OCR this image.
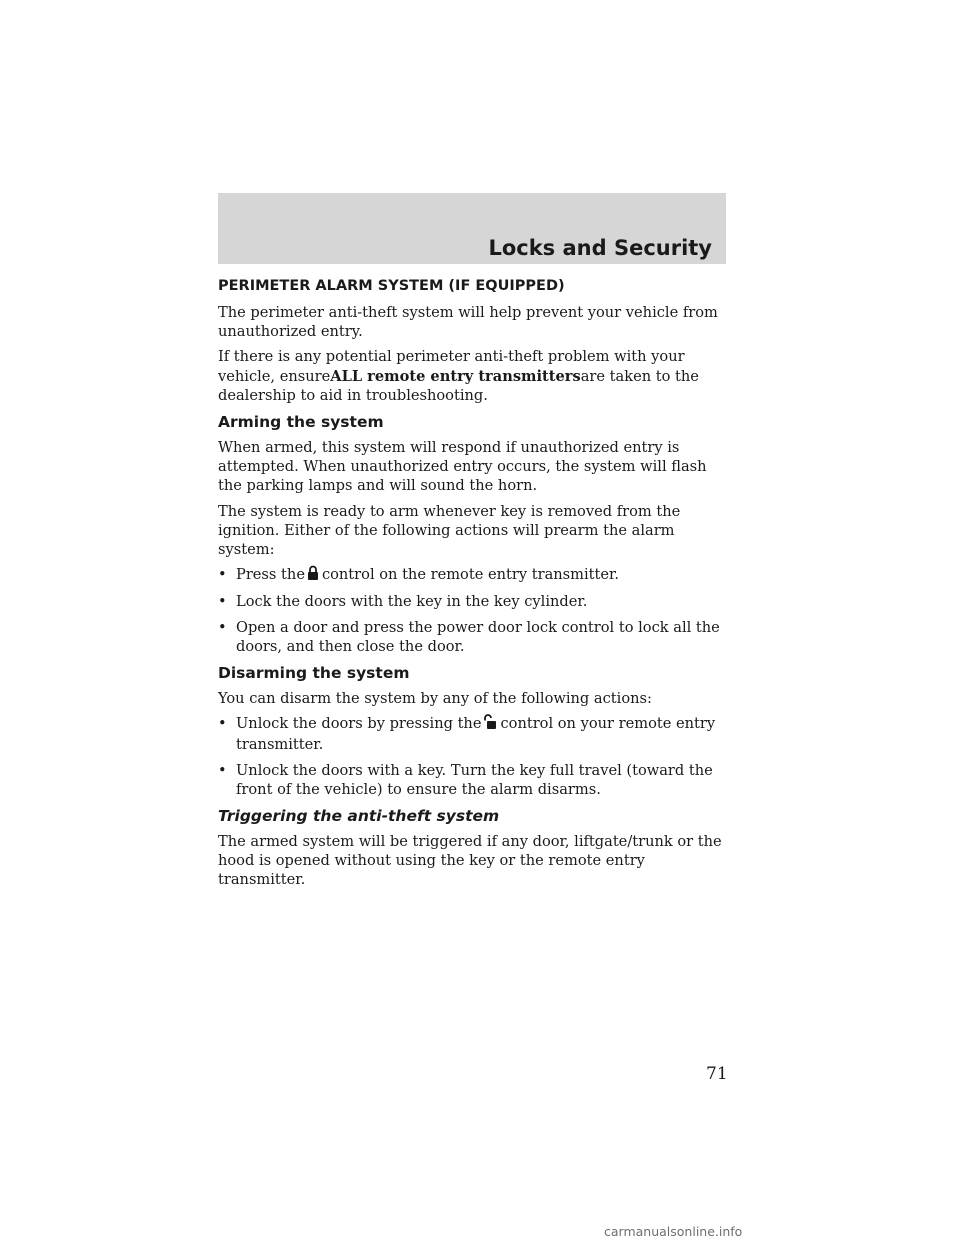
Locks and Security
PERIMETER ALARM SYSTEM (IF EQUIPPED)

The perimeter anti-theft system will help prevent your vehicle from unauthorized entry.

If there is any potential perimeter anti-theft problem with your vehicle, ensureALL remote entry transmittersare taken to the dealership to aid in troubleshooting.

Arming the system

When armed, this system will respond if unauthorized entry is attempted. When unauthorized entry occurs, the system will flash the parking lamps and will sound the horn.

The system is ready to arm whenever key is removed from the ignition. Either of the following actions will prearm the alarm system:

• Press the control on the remote entry transmitter.
• Lock the doors with the key in the key cylinder.
• Open a door and press the power door lock control to lock all the doors, and then close the door.
Disarming the system

You can disarm the system by any of the following actions:

• Unlock the doors by pressing the control on your remote entry transmitter.
• Unlock the doors with a key. Turn the key full travel (toward the front of the vehicle) to ensure the alarm disarms.
Triggering the anti-theft system

The armed system will be triggered if any door, liftgate/trunk or the hood is opened without using the key or the remote entry transmitter.

71
carmanualsonline.info
